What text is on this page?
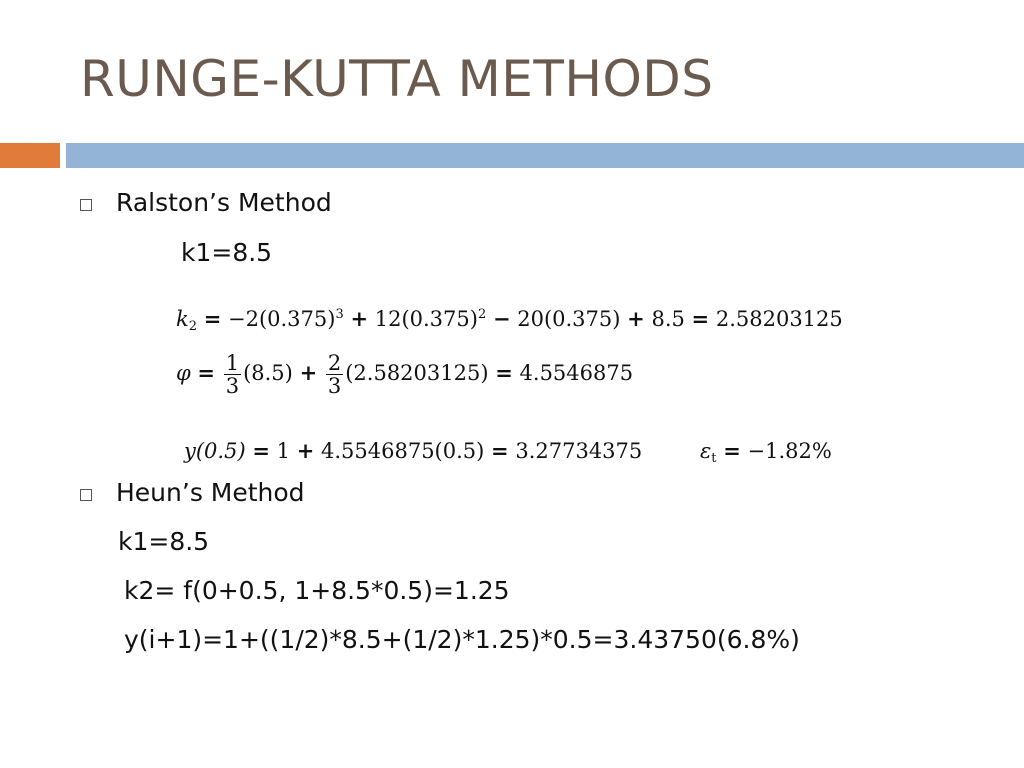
RUNGE-KUTTA METHODS
Ralston’s Method
k1=8.5
$k_2 = -2(0.375)^3 + 12(0.375)^2 - 20(0.375) + 8.5 = 2.58203125$
$\varphi = \frac{1}{3} (8.5) + \frac{2}{3} (2.58203125) = 4.5546875$
y(0.5) = 1 + 4.5546875(0.5) = 3.27734375	$\varepsilon_t = -1.82\%$
Heun’s Method
k1=8.5
k2= f(0+0.5, 1+8.5*0.5)=1.25
y(i+1)=1+((1/2)*8.5+(1/2)*1.25)*0.5=3.43750(6.8%)
